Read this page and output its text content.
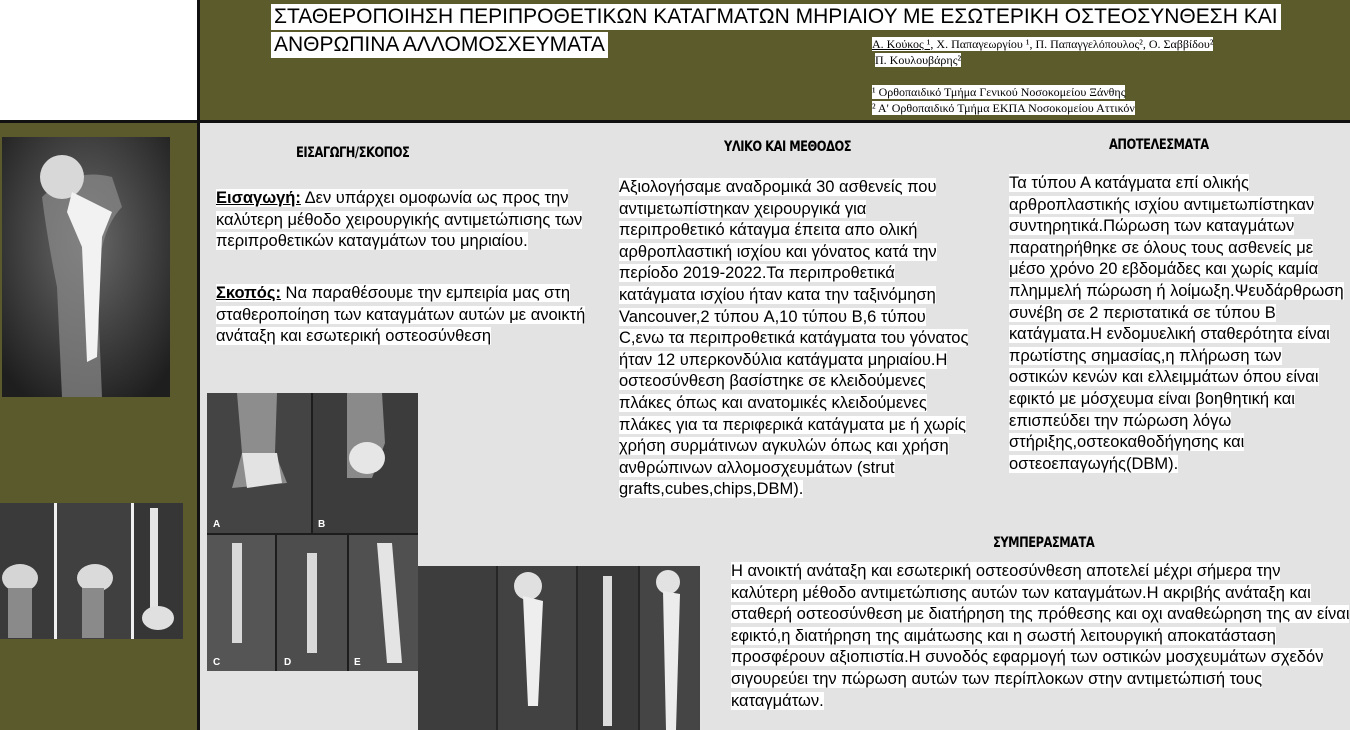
ΣΤΑΘΕΡΟΠΟΙΗΣΗ ΠΕΡΙΠΡΟΘΕΤΙΚΩΝ ΚΑΤΑΓΜΑΤΩΝ ΜΗΡΙΑΙΟΥ ΜΕ ΕΣΩΤΕΡΙΚΗ ΟΣΤΕΟΣΥΝΘΕΣΗ ΚΑΙ
ΑΝΘΡΩΠΙΝΑ ΑΛΛΟΜΟΣΧΕΥΜΑΤΑ	Α. Κούκος ¹, Χ. Παπαγεωργίου ¹, Π. Παπαγγελόπουλος², Ο. Σαββίδου²
Π. Κουλουβάρης²
¹ Ορθοπαιδικό Τμήμα Γενικού Νοσοκομείου Ξάνθης
² Α' Ορθοπαιδικό Τμήμα ΕΚΠΑ Νοσοκομείου Αττικόν
A	B
C	D	E
ΕΙΣΑΓΩΓΗ/ΣΚΟΠΟΣ	ΥΛΙΚΟ ΚΑΙ ΜΕΘΟΔΟΣ	ΑΠΟΤΕΛΕΣΜΑΤΑ
ΣΥΜΠΕΡΑΣΜΑΤΑ
Εισαγωγή: Δεν υπάρχει ομοφωνία ως προς την καλύτερη μέθοδο χειρουργικής αντιμετώπισης των περιπροθετικών καταγμάτων του μηριαίου.
Σκοπός: Να παραθέσουμε την εμπειρία μας στη σταθεροποίηση των καταγμάτων αυτών με ανοικτή ανάταξη και εσωτερική οστεοσύνθεση
Αξιολογήσαμε αναδρομικά 30 ασθενείς που αντιμετωπίστηκαν χειρουργικά για περιπροθετικό κάταγμα έπειτα απο ολική αρθροπλαστική ισχίου και γόνατος κατά την περίοδο 2019-2022.Τα περιπροθετικά κατάγματα ισχίου ήταν κατα την ταξινόμηση Vancouver,2 τύπου A,10 τύπου B,6 τύπου C,ενω τα περιπροθετικά κατάγματα του γόνατος ήταν 12 υπερκονδύλια κατάγματα μηριαίου.Η οστεοσύνθεση βασίστηκε σε κλειδούμενες πλάκες όπως και ανατομικές κλειδούμενες πλάκες για τα περιφερικά κατάγματα με ή χωρίς χρήση συρμάτινων αγκυλών όπως και χρήση ανθρώπινων αλλομοσχευμάτων (strut grafts,cubes,chips,DBM).
Τα τύπου Α κατάγματα επί ολικής αρθροπλαστικής ισχίου αντιμετωπίστηκαν συντηρητικά.Πώρωση των καταγμάτων παρατηρήθηκε σε όλους τους ασθενείς με μέσο χρόνο 20 εβδομάδες και χωρίς καμία πλημμελή πώρωση ή λοίμωξη.Ψευδάρθρωση συνέβη σε 2 περιστατικά σε τύπου Β κατάγματα.Η ενδομυελική σταθερότητα είναι πρωτίστης σημασίας,η πλήρωση των οστικών κενών και ελλειμμάτων όπου είναι εφικτό με μόσχευμα είναι βοηθητική και επισπεύδει την πώρωση λόγω στήριξης,οστεοκαθοδήγησης και οστεοεπαγωγής(DBM).
Η ανοικτή ανάταξη και εσωτερική οστεοσύνθεση αποτελεί μέχρι σήμερα την καλύτερη μέθοδο αντιμετώπισης αυτών των καταγμάτων.Η ακριβής ανάταξη και σταθερή οστεοσύνθεση με διατήρηση της πρόθεσης και οχι αναθεώρηση της αν είναι εφικτό,η διατήρηση της αιμάτωσης και η σωστή λειτουργική αποκατάσταση προσφέρουν αξιοπιστία.Η συνοδός εφαρμογή των οστικών μοσχευμάτων σχεδόν σιγουρεύει την πώρωση αυτών των περίπλοκων στην αντιμετώπισή τους καταγμάτων.
